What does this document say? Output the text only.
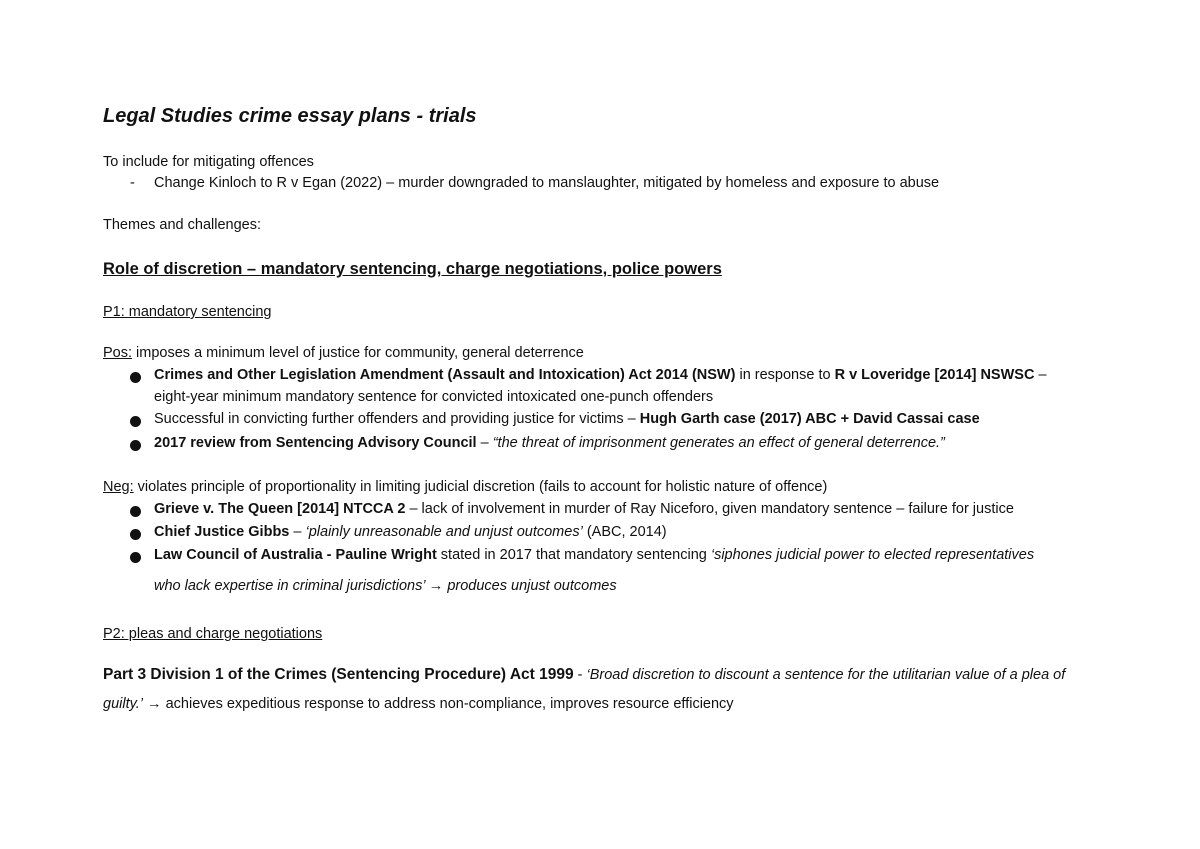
Legal Studies crime essay plans - trials
To include for mitigating offences
- Change Kinloch to R v Egan (2022) – murder downgraded to manslaughter, mitigated by homeless and exposure to abuse
Themes and challenges:
Role of discretion – mandatory sentencing, charge negotiations, police powers
P1: mandatory sentencing
Pos: imposes a minimum level of justice for community, general deterrence
Crimes and Other Legislation Amendment (Assault and Intoxication) Act 2014 (NSW) in response to R v Loveridge [2014] NSWSC –
eight-year minimum mandatory sentence for convicted intoxicated one-punch offenders
Successful in convicting further offenders and providing justice for victims – Hugh Garth case (2017) ABC + David Cassai case
2017 review from Sentencing Advisory Council – “the threat of imprisonment generates an effect of general deterrence.”
Neg: violates principle of proportionality in limiting judicial discretion (fails to account for holistic nature of offence)
Grieve v. The Queen [2014] NTCCA 2 – lack of involvement in murder of Ray Niceforo, given mandatory sentence – failure for justice
Chief Justice Gibbs – ‘plainly unreasonable and unjust outcomes’ (ABC, 2014)
Law Council of Australia - Pauline Wright stated in 2017 that mandatory sentencing ‘siphones judicial power to elected representatives
who lack expertise in criminal jurisdictions’ → produces unjust outcomes
P2: pleas and charge negotiations
Part 3 Division 1 of the Crimes (Sentencing Procedure) Act 1999 - ‘Broad discretion to discount a sentence for the utilitarian value of a plea of
guilty.’ → achieves expeditious response to address non-compliance, improves resource efficiency
